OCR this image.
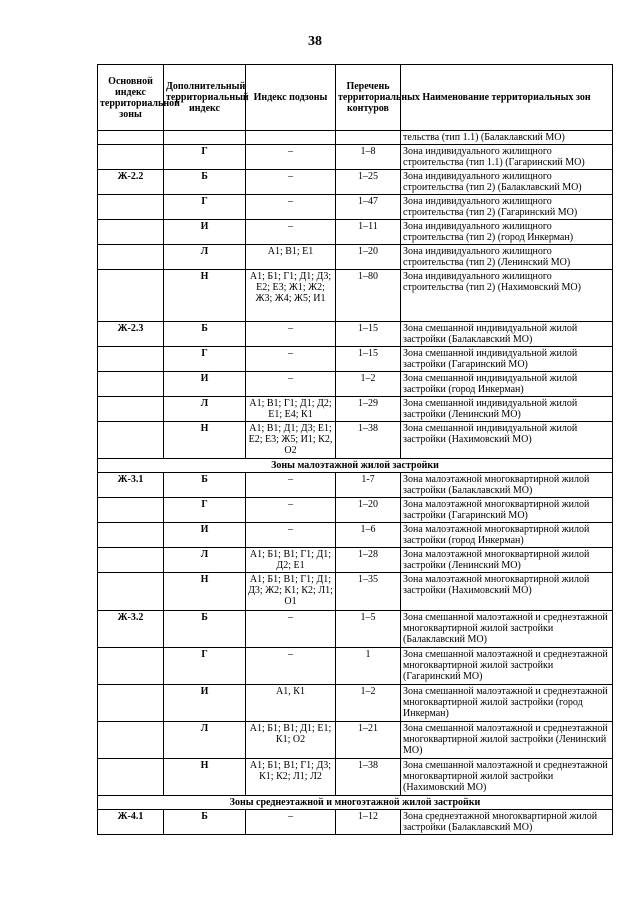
38
Основной индекс территориальной зоны	Дополнительный территориальный индекс	Индекс подзоны	Перечень территориальных контуров	Наименование территориальных зон
				тельства (тип 1.1) (Балаклавский МО)
	Г	–	1–8	Зона индивидуального жилищного строительства (тип 1.1) (Гагаринский МО)
Ж-2.2	Б	–	1–25	Зона индивидуального жилищного строительства (тип 2) (Балаклавский МО)
	Г	–	1–47	Зона индивидуального жилищного строительства (тип 2) (Гагаринский МО)
	И	–	1–11	Зона индивидуального жилищного строительства (тип 2) (город Инкерман)
	Л	А1; В1; Е1	1–20	Зона индивидуального жилищного строительства (тип 2) (Ленинский МО)
	Н	А1; Б1; Г1; Д1; Д3; Е2; Е3; Ж1; Ж2; Ж3; Ж4; Ж5; И1	1–80	Зона индивидуального жилищного строительства (тип 2) (Нахимовский МО)
Ж-2.3	Б	–	1–15	Зона смешанной индивидуальной жилой застройки (Балаклавский МО)
	Г	–	1–15	Зона смешанной индивидуальной жилой застройки (Гагаринский МО)
	И	–	1–2	Зона смешанной индивидуальной жилой застройки (город Инкерман)
	Л	А1; В1; Г1; Д1; Д2; Е1; Е4; К1	1–29	Зона смешанной индивидуальной жилой застройки (Ленинский МО)
	Н	А1; В1; Д1; Д3; Е1; Е2; Е3; Ж5; И1; К2, О2	1–38	Зона смешанной индивидуальной жилой застройки (Нахимовский МО)
Зоны малоэтажной жилой застройки				
Ж-3.1	Б	–	1-7	Зона малоэтажной многоквартирной жилой застройки (Балаклавский МО)
	Г	–	1–20	Зона малоэтажной многоквартирной жилой застройки (Гагаринский МО)
	И	–	1–6	Зона малоэтажной многоквартирной жилой застройки (город Инкерман)
	Л	А1; Б1; В1; Г1; Д1; Д2; Е1	1–28	Зона малоэтажной многоквартирной жилой застройки (Ленинский МО)
	Н	А1; Б1; В1; Г1; Д1; Д3; Ж2; К1; К2; Л1; О1	1–35	Зона малоэтажной многоквартирной жилой застройки (Нахимовский МО)
Ж-3.2	Б	–	1–5	Зона смешанной малоэтажной и среднеэтажной многоквартирной жилой застройки (Балаклавский МО)
	Г	–	1	Зона смешанной малоэтажной и среднеэтажной многоквартирной жилой застройки (Гагаринский МО)
	И	А1, К1	1–2	Зона смешанной малоэтажной и среднеэтажной многоквартирной жилой застройки (город Инкерман)
	Л	А1; Б1; В1; Д1; Е1; К1; О2	1–21	Зона смешанной малоэтажной и среднеэтажной многоквартирной жилой застройки (Ленинский МО)
	Н	А1; Б1; В1; Г1; Д3; К1; К2; Л1; Л2	1–38	Зона смешанной малоэтажной и среднеэтажной многоквартирной жилой застройки (Нахимовский МО)
Зоны среднеэтажной и многоэтажной жилой застройки				
Ж-4.1	Б	–	1–12	Зона среднеэтажной многоквартирной жилой застройки (Балаклавский МО)
